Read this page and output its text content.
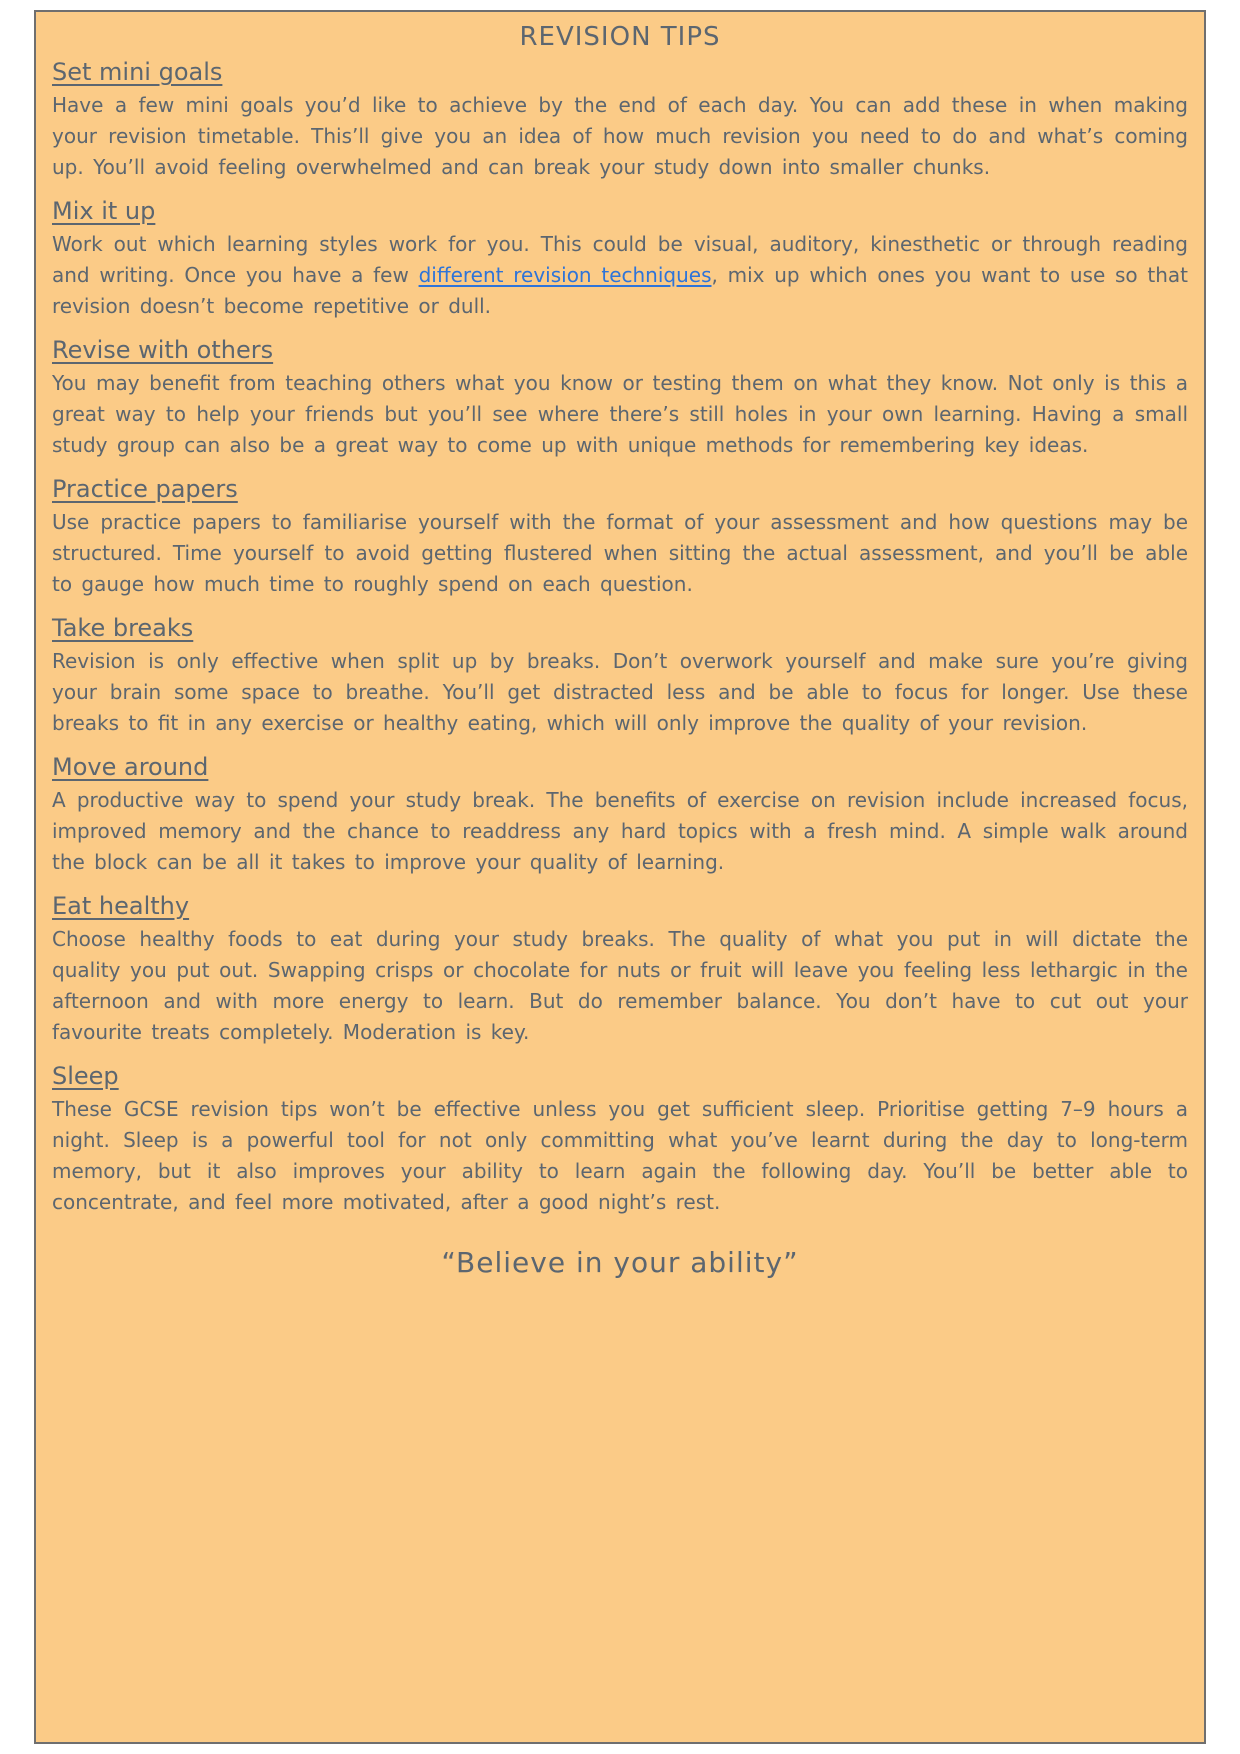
REVISION TIPS
Set mini goals

Have a few mini goals you’d like to achieve by the end of each day. You can add these in when making your revision timetable. This’ll give you an idea of how much revision you need to do and what’s coming up. You’ll avoid feeling overwhelmed and can break your study down into smaller chunks.

Mix it up

Work out which learning styles work for you. This could be visual, auditory, kinesthetic or through reading and writing. Once you have a few different revision techniques, mix up which ones you want to use so that revision doesn’t become repetitive or dull.

Revise with others

You may benefit from teaching others what you know or testing them on what they know. Not only is this a great way to help your friends but you’ll see where there’s still holes in your own learning. Having a small study group can also be a great way to come up with unique methods for remembering key ideas.

Practice papers

Use practice papers to familiarise yourself with the format of your assessment and how questions may be structured. Time yourself to avoid getting flustered when sitting the actual assessment, and you’ll be able to gauge how much time to roughly spend on each question.

Take breaks

Revision is only effective when split up by breaks. Don’t overwork yourself and make sure you’re giving your brain some space to breathe. You’ll get distracted less and be able to focus for longer. Use these breaks to fit in any exercise or healthy eating, which will only improve the quality of your revision.

Move around

A productive way to spend your study break. The benefits of exercise on revision include increased focus, improved memory and the chance to readdress any hard topics with a fresh mind. A simple walk around the block can be all it takes to improve your quality of learning.

Eat healthy

Choose healthy foods to eat during your study breaks. The quality of what you put in will dictate the quality you put out. Swapping crisps or chocolate for nuts or fruit will leave you feeling less lethargic in the afternoon and with more energy to learn. But do remember balance. You don’t have to cut out your favourite treats completely. Moderation is key.

Sleep

These GCSE revision tips won’t be effective unless you get sufficient sleep. Prioritise getting 7–9 hours a night. Sleep is a powerful tool for not only committing what you’ve learnt during the day to long-term memory, but it also improves your ability to learn again the following day. You’ll be better able to concentrate, and feel more motivated, after a good night’s rest.

“Believe in your ability”
